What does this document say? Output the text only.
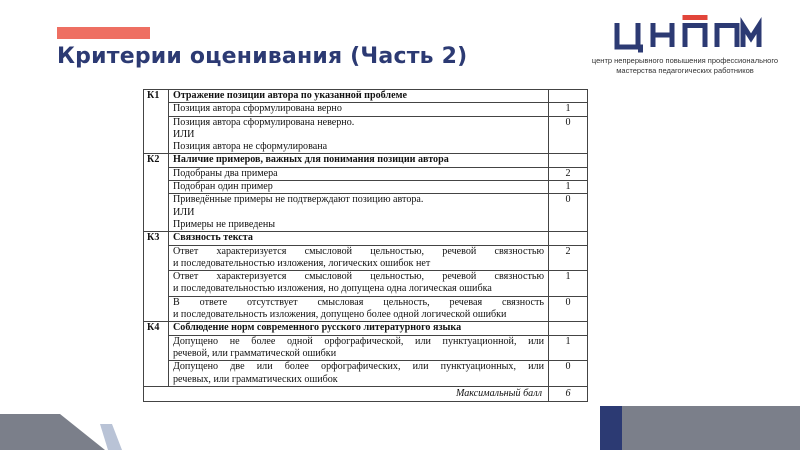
Критерии оценивания (Часть 2)	центр непрерывного повышения профессионального
мастерства педагогических работников

К1	Отражение позиции автора по указанной проблеме	

	Позиция автора сформулирована верно	1

	Позиция автора сформулирована неверно.
ИЛИ
Позиция автора не сформулирована	0
К2	Наличие примеров, важных для понимания позиции автора	

	Подобраны два примера	2

	Подобран один пример	1

	Приведённые примеры не подтверждают позицию автора.
ИЛИ
Примеры не приведены	0
К3	Связность текста	

	Ответ характеризуется смысловой цельностью, речевой связностью
и последовательностью изложения, логических ошибок нет	2

	Ответ характеризуется смысловой цельностью, речевой связностью
и последовательностью изложения, но допущена одна логическая ошибка	1

	В ответе отсутствует смысловая цельность, речевая связность
и последовательность изложения, допущено более одной логической ошибки	0
К4	Соблюдение норм современного русского литературного языка	

	Допущено не более одной орфографической, или пунктуационной, или
речевой, или грамматической ошибки	1

	Допущено две или более орфографических, или пунктуационных, или
речевых, или грамматических ошибок	0
Максимальный балл		6
